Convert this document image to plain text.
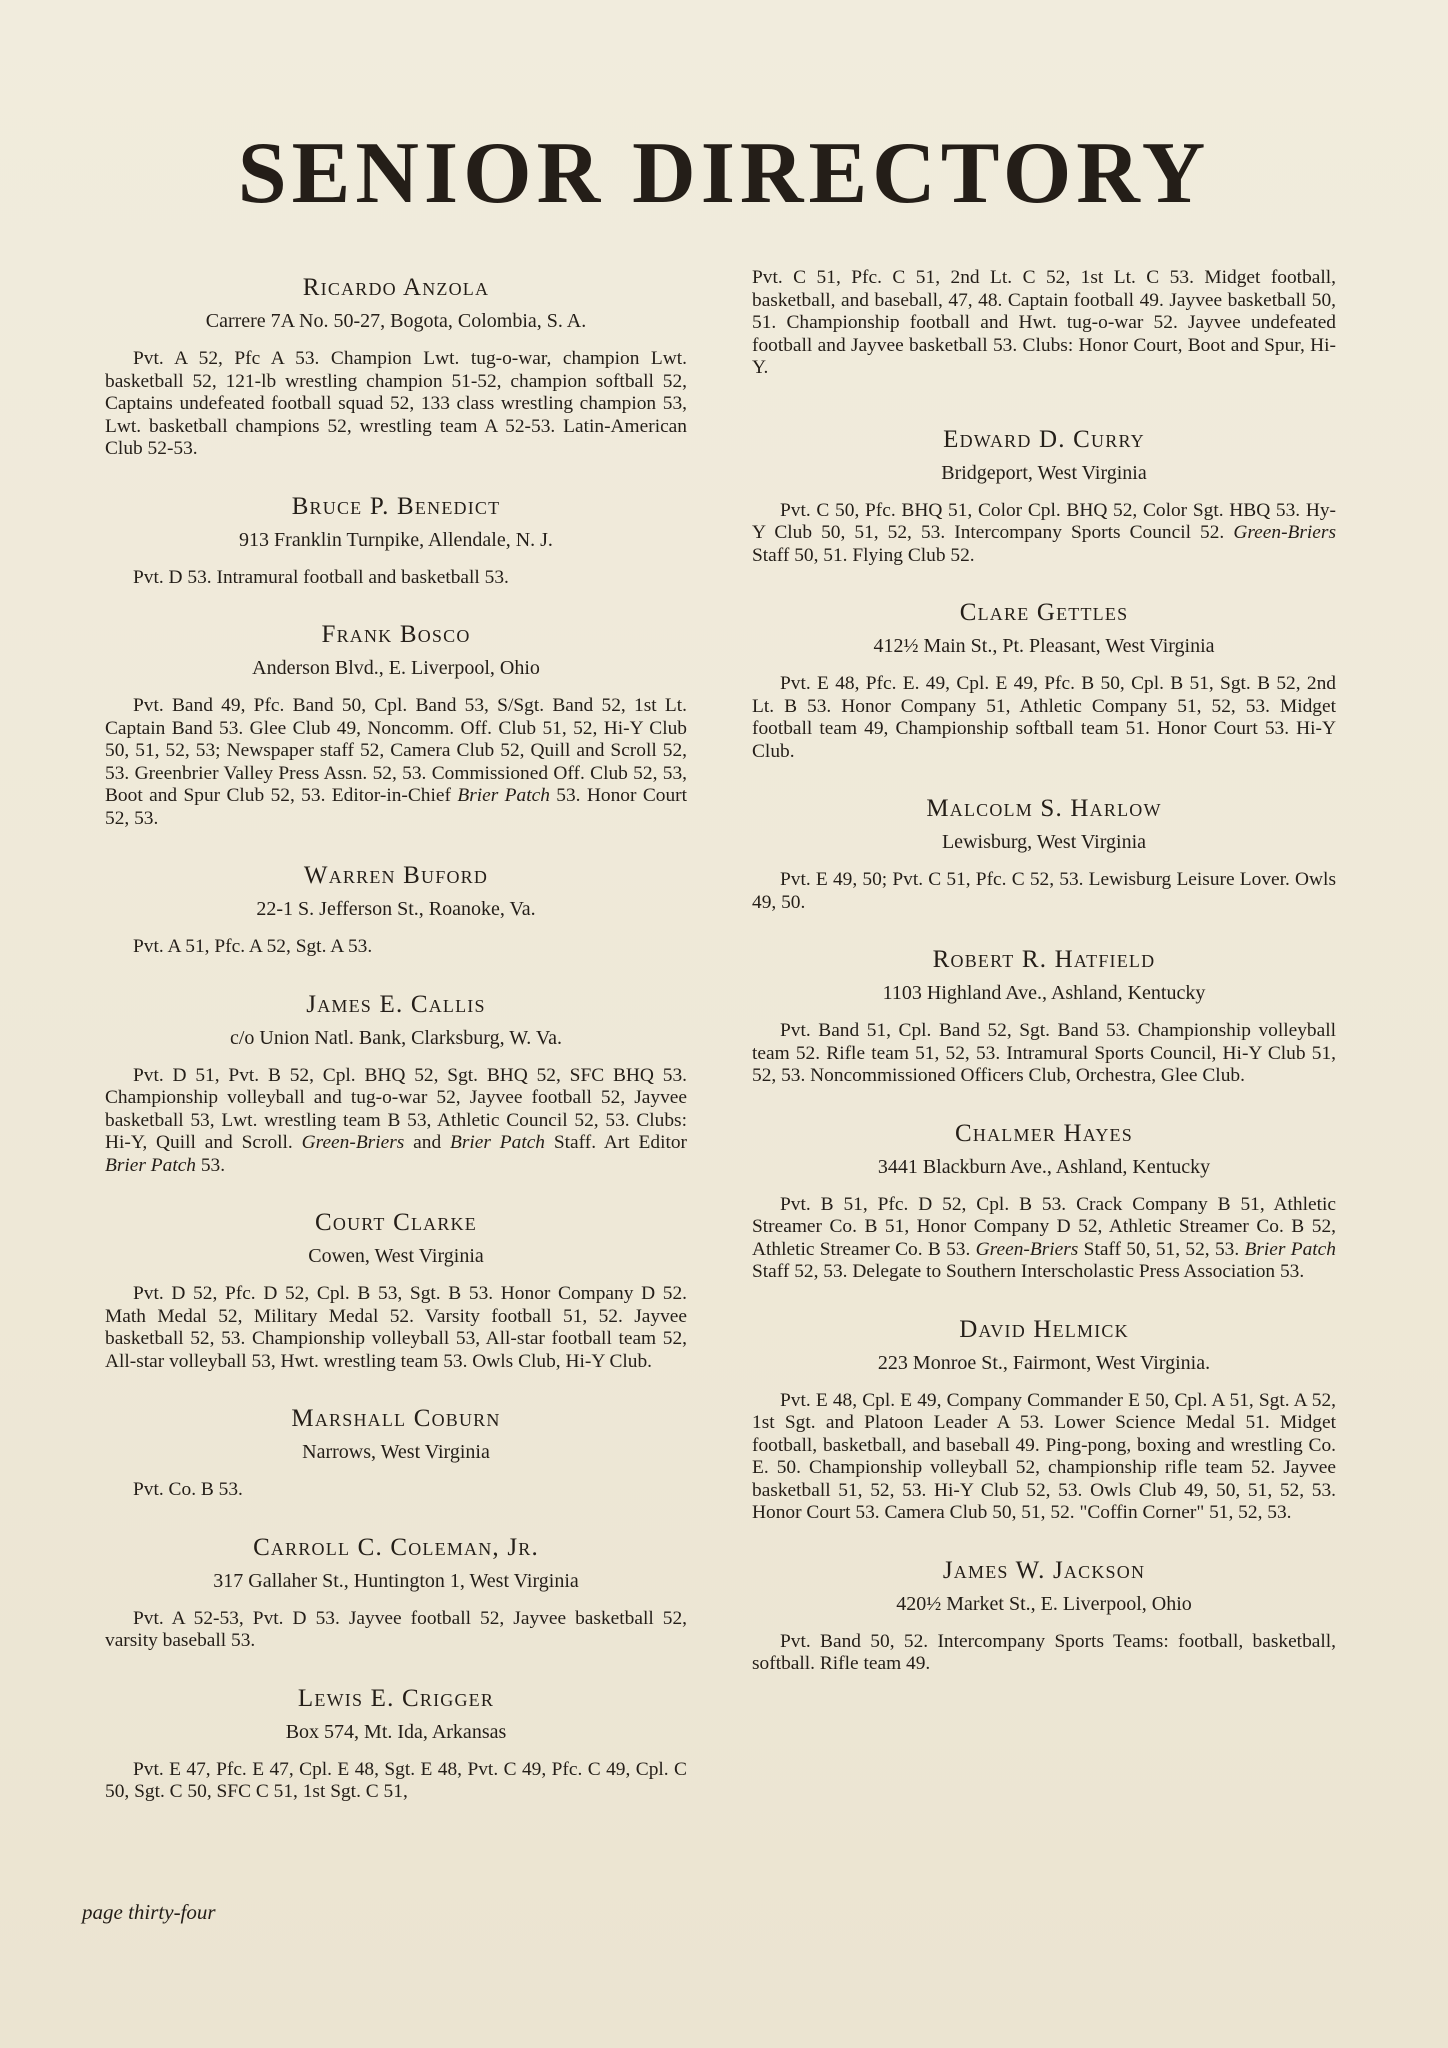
SENIOR DIRECTORY
Ricardo Anzola
Carrere 7A No. 50-27, Bogota, Colombia, S. A.

Pvt. A 52, Pfc A 53. Champion Lwt. tug-o-war, champion Lwt. basketball 52, 121-lb wrestling champion 51-52, champion softball 52, Captains undefeated football squad 52, 133 class wrestling champion 53, Lwt. basketball champions 52, wrestling team A 52-53. Latin-American Club 52-53.

Bruce P. Benedict
913 Franklin Turnpike, Allendale, N. J.

Pvt. D 53. Intramural football and basketball 53.

Frank Bosco
Anderson Blvd., E. Liverpool, Ohio

Pvt. Band 49, Pfc. Band 50, Cpl. Band 53, S/Sgt. Band 52, 1st Lt. Captain Band 53. Glee Club 49, Noncomm. Off. Club 51, 52, Hi-Y Club 50, 51, 52, 53; Newspaper staff 52, Camera Club 52, Quill and Scroll 52, 53. Greenbrier Valley Press Assn. 52, 53. Commissioned Off. Club 52, 53, Boot and Spur Club 52, 53. Editor-in-Chief Brier Patch 53. Honor Court 52, 53.

Warren Buford
22-1 S. Jefferson St., Roanoke, Va.

Pvt. A 51, Pfc. A 52, Sgt. A 53.

James E. Callis
c/o Union Natl. Bank, Clarksburg, W. Va.

Pvt. D 51, Pvt. B 52, Cpl. BHQ 52, Sgt. BHQ 52, SFC BHQ 53. Championship volleyball and tug-o-war 52, Jayvee football 52, Jayvee basketball 53, Lwt. wrestling team B 53, Athletic Council 52, 53. Clubs: Hi-Y, Quill and Scroll. Green-Briers and Brier Patch Staff. Art Editor Brier Patch 53.

Court Clarke
Cowen, West Virginia

Pvt. D 52, Pfc. D 52, Cpl. B 53, Sgt. B 53. Honor Company D 52. Math Medal 52, Military Medal 52. Varsity football 51, 52. Jayvee basketball 52, 53. Championship volleyball 53, All-star football team 52, All-star volleyball 53, Hwt. wrestling team 53. Owls Club, Hi-Y Club.

Marshall Coburn
Narrows, West Virginia

Pvt. Co. B 53.

Carroll C. Coleman, Jr.
317 Gallaher St., Huntington 1, West Virginia

Pvt. A 52-53, Pvt. D 53. Jayvee football 52, Jayvee basketball 52, varsity baseball 53.

Lewis E. Crigger
Box 574, Mt. Ida, Arkansas

Pvt. E 47, Pfc. E 47, Cpl. E 48, Sgt. E 48, Pvt. C 49, Pfc. C 49, Cpl. C 50, Sgt. C 50, SFC C 51, 1st Sgt. C 51,

Pvt. C 51, Pfc. C 51, 2nd Lt. C 52, 1st Lt. C 53. Midget football, basketball, and baseball, 47, 48. Captain football 49. Jayvee basketball 50, 51. Championship football and Hwt. tug-o-war 52. Jayvee undefeated football and Jayvee basketball 53. Clubs: Honor Court, Boot and Spur, Hi-Y.

Edward D. Curry
Bridgeport, West Virginia

Pvt. C 50, Pfc. BHQ 51, Color Cpl. BHQ 52, Color Sgt. HBQ 53. Hy-Y Club 50, 51, 52, 53. Intercompany Sports Council 52. Green-Briers Staff 50, 51. Flying Club 52.

Clare Gettles
412½ Main St., Pt. Pleasant, West Virginia

Pvt. E 48, Pfc. E. 49, Cpl. E 49, Pfc. B 50, Cpl. B 51, Sgt. B 52, 2nd Lt. B 53. Honor Company 51, Athletic Company 51, 52, 53. Midget football team 49, Championship softball team 51. Honor Court 53. Hi-Y Club.

Malcolm S. Harlow
Lewisburg, West Virginia

Pvt. E 49, 50; Pvt. C 51, Pfc. C 52, 53. Lewisburg Leisure Lover. Owls 49, 50.

Robert R. Hatfield
1103 Highland Ave., Ashland, Kentucky

Pvt. Band 51, Cpl. Band 52, Sgt. Band 53. Championship volleyball team 52. Rifle team 51, 52, 53. Intramural Sports Council, Hi-Y Club 51, 52, 53. Noncommissioned Officers Club, Orchestra, Glee Club.

Chalmer Hayes
3441 Blackburn Ave., Ashland, Kentucky

Pvt. B 51, Pfc. D 52, Cpl. B 53. Crack Company B 51, Athletic Streamer Co. B 51, Honor Company D 52, Athletic Streamer Co. B 52, Athletic Streamer Co. B 53. Green-Briers Staff 50, 51, 52, 53. Brier Patch Staff 52, 53. Delegate to Southern Interscholastic Press Association 53.

David Helmick
223 Monroe St., Fairmont, West Virginia.

Pvt. E 48, Cpl. E 49, Company Commander E 50, Cpl. A 51, Sgt. A 52, 1st Sgt. and Platoon Leader A 53. Lower Science Medal 51. Midget football, basketball, and baseball 49. Ping-pong, boxing and wrestling Co. E. 50. Championship volleyball 52, championship rifle team 52. Jayvee basketball 51, 52, 53. Hi-Y Club 52, 53. Owls Club 49, 50, 51, 52, 53. Honor Court 53. Camera Club 50, 51, 52. "Coffin Corner" 51, 52, 53.

James W. Jackson
420½ Market St., E. Liverpool, Ohio

Pvt. Band 50, 52. Intercompany Sports Teams: football, basketball, softball. Rifle team 49.

page thirty-four
